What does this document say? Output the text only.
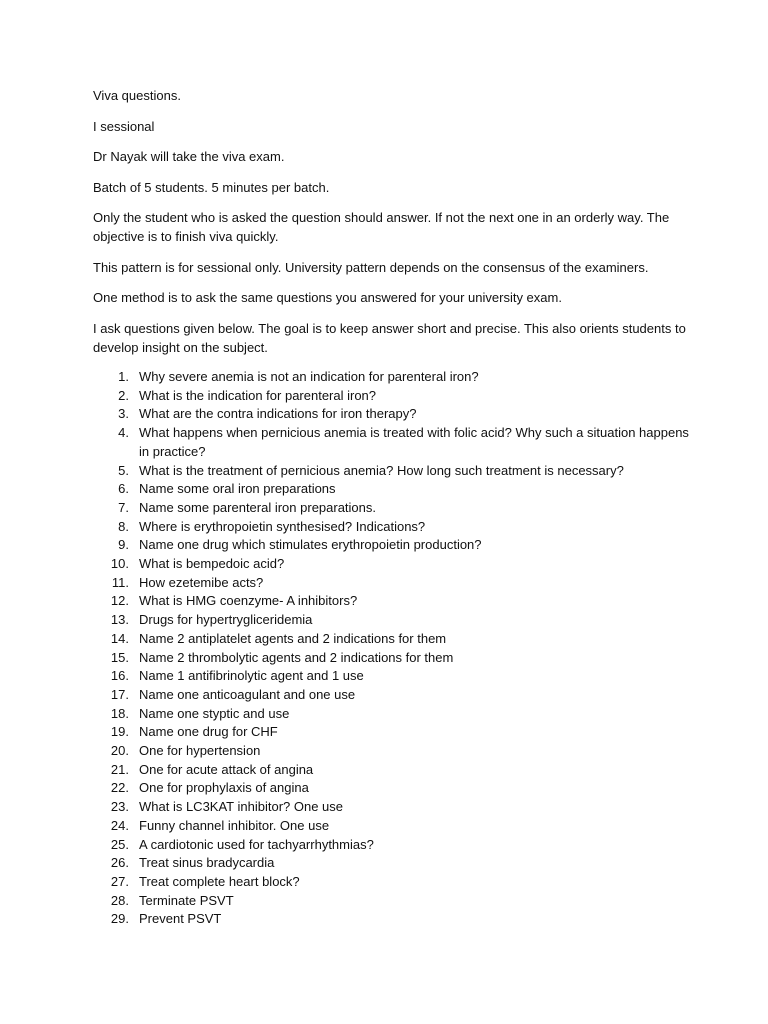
Viva questions.

I sessional

Dr Nayak will take the viva exam.

Batch of 5 students. 5 minutes per batch.

Only the student who is asked the question should answer. If not the next one in an orderly way. The objective is to finish viva quickly.

This pattern is for sessional only. University pattern depends on the consensus of the examiners.

One method is to ask the same questions you answered for your university exam.

I ask questions given below. The goal is to keep answer short and precise. This also orients students to develop insight on the subject.

1. Why severe anemia is not an indication for parenteral iron?
2. What is the indication for parenteral iron?
3. What are the contra indications for iron therapy?
4. What happens when pernicious anemia is treated with folic acid? Why such a situation happens in practice?
5. What is the treatment of pernicious anemia? How long such treatment is necessary?
6. Name some oral iron preparations
7. Name some parenteral iron preparations.
8. Where is erythropoietin synthesised? Indications?
9. Name one drug which stimulates erythropoietin production?
10. What is bempedoic acid?
11. How ezetemibe acts?
12. What is HMG coenzyme- A inhibitors?
13. Drugs for hypertrygliceridemia
14. Name 2 antiplatelet agents and 2 indications for them
15. Name 2 thrombolytic agents and 2 indications for them
16. Name 1 antifibrinolytic agent and 1 use
17. Name one anticoagulant and one use
18. Name one styptic and use
19. Name one drug for CHF
20. One for hypertension
21. One for acute attack of angina
22. One for prophylaxis of angina
23. What is LC3KAT inhibitor? One use
24. Funny channel inhibitor. One use
25. A cardiotonic used for tachyarrhythmias?
26. Treat sinus bradycardia
27. Treat complete heart block?
28. Terminate PSVT
29. Prevent PSVT
